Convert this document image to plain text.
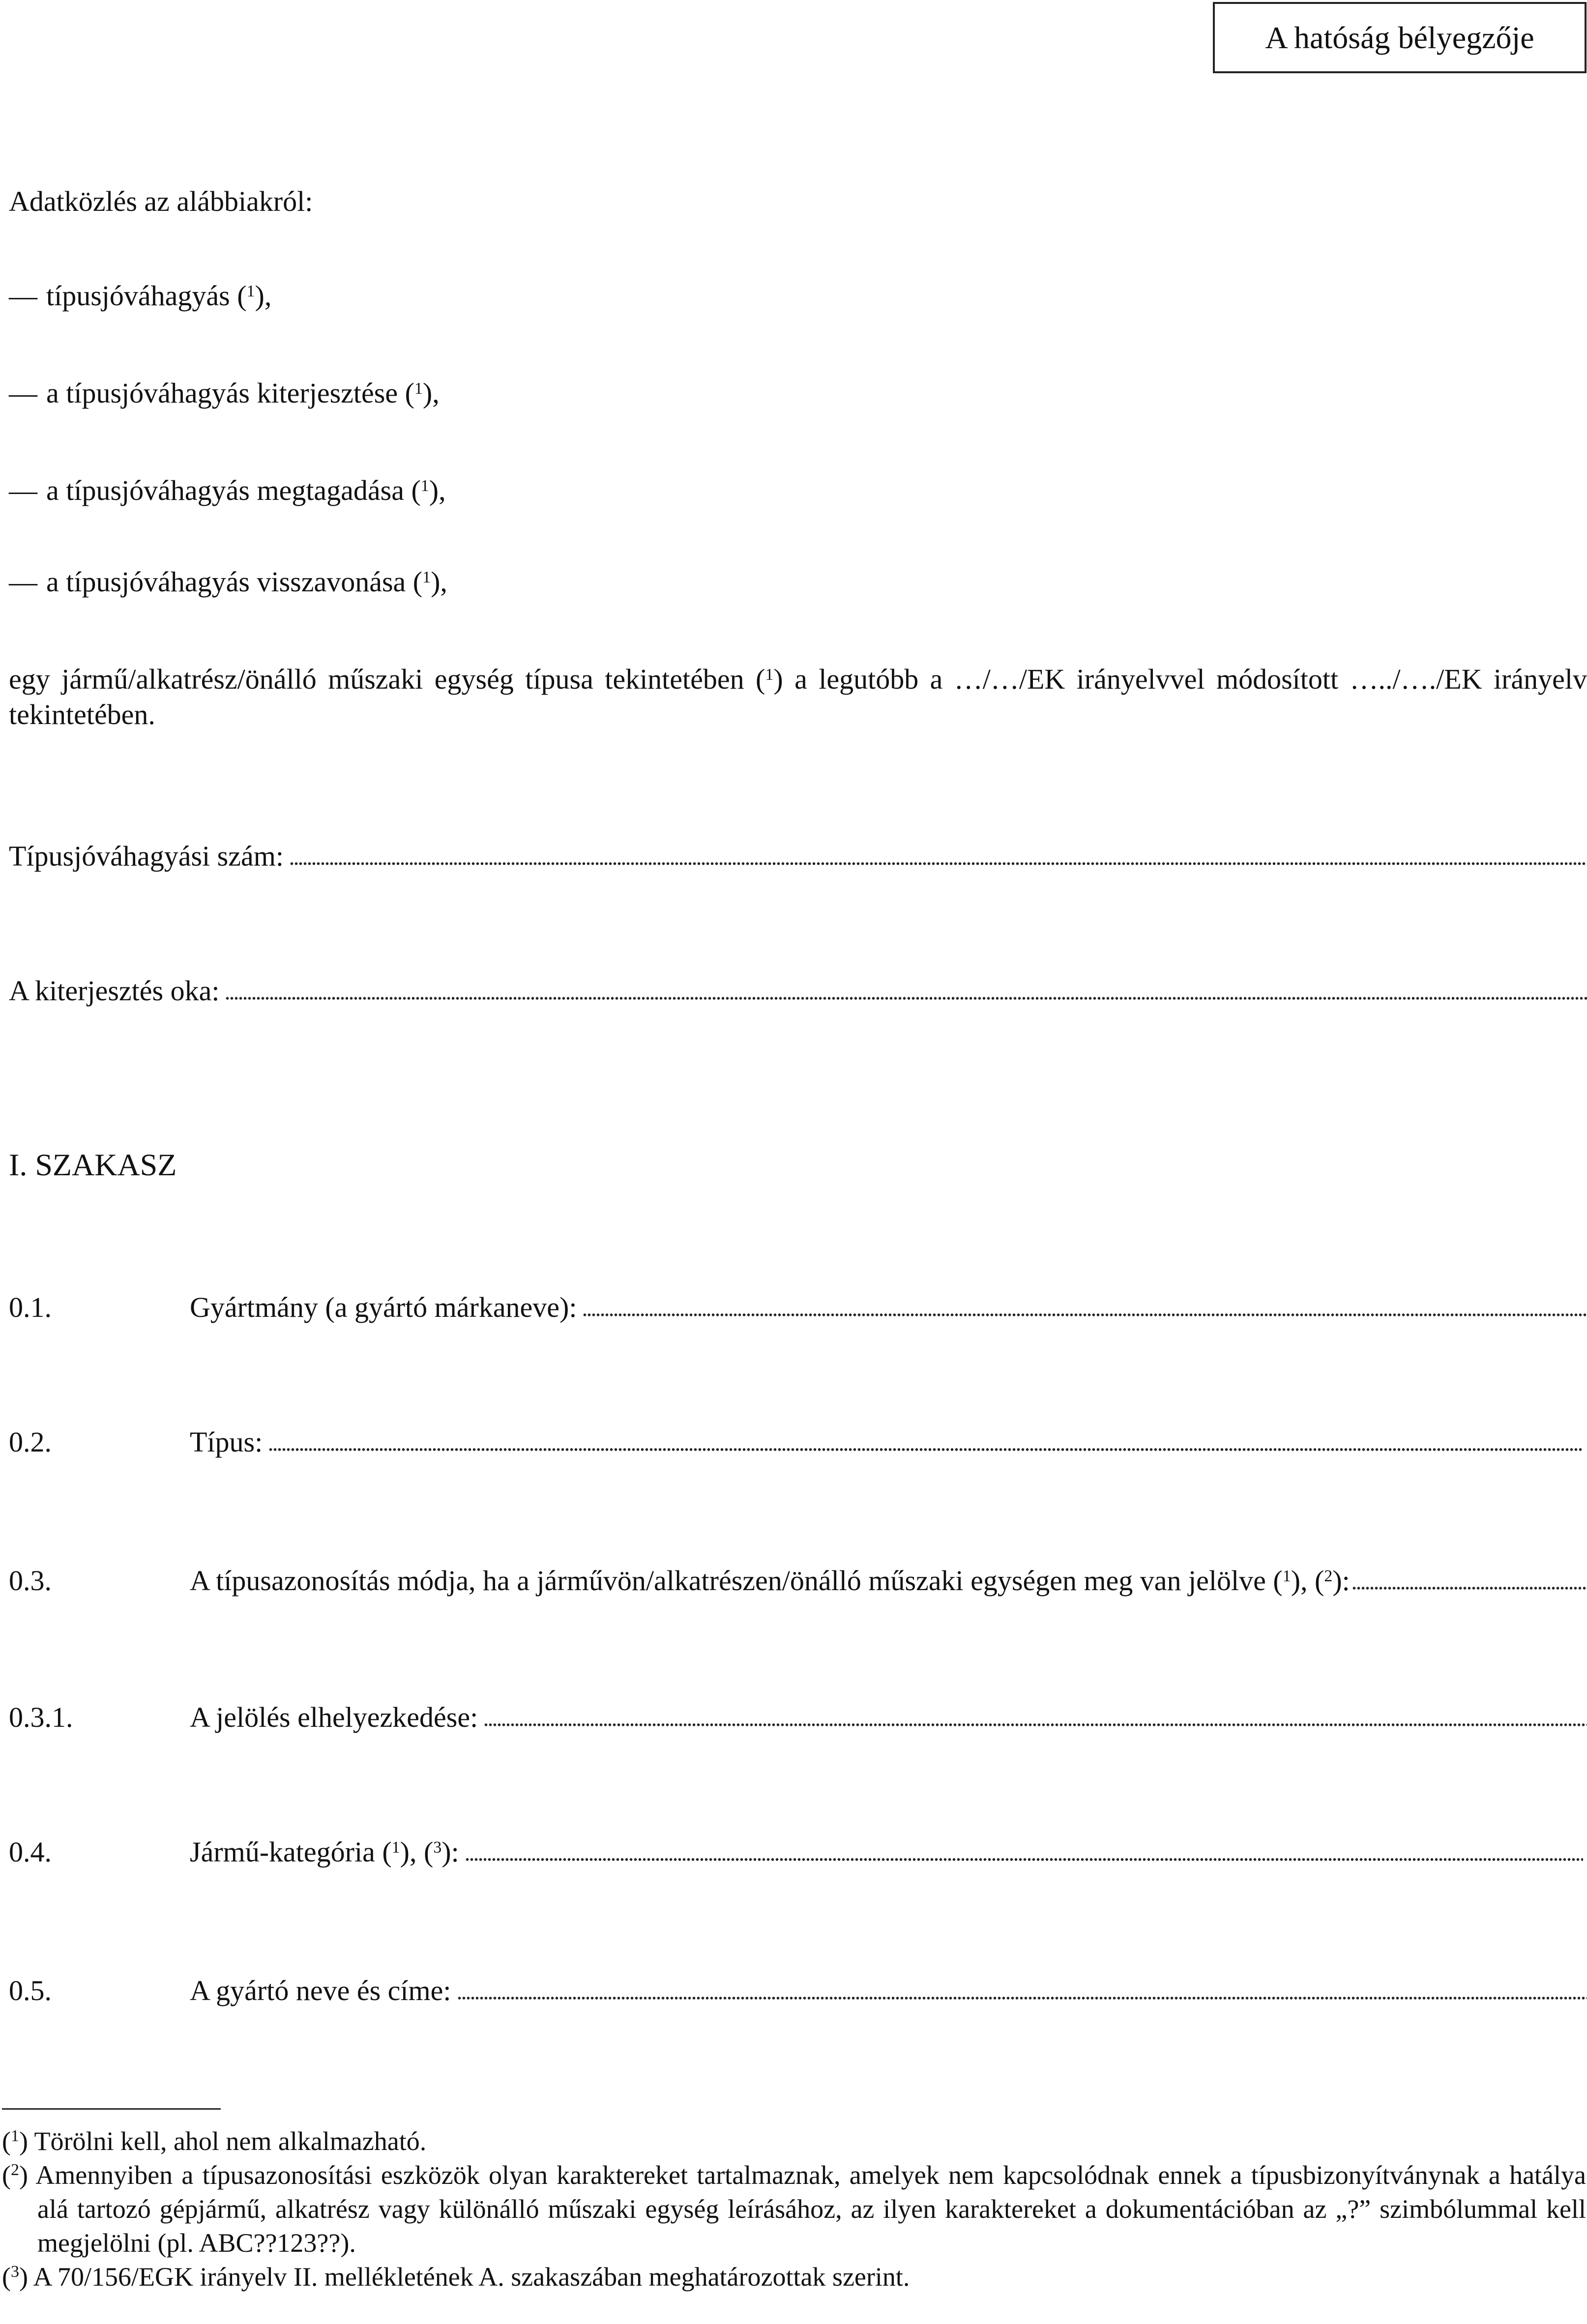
A hatóság bélyegzője
Adatközlés az alábbiakról:
— típusjóváhagyás ($^1$),
— a típusjóváhagyás kiterjesztése ($^1$),
— a típusjóváhagyás megtagadása ($^1$),
— a típusjóváhagyás visszavonása ($^1$),
egy jármű/alkatrész/önálló műszaki egység típusa tekintetében ($^1$) a legutóbb a …/…/EK irányelvvel módosított …../…./EK irányelv tekintetében.
Típusjóváhagyási szám:
A kiterjesztés oka:
I. SZAKASZ
0.1.	Gyártmány (a gyártó márkaneve):
0.2.	Típus:
0.3.	A típusazonosítás módja, ha a járművön/alkatrészen/önálló műszaki egységen meg van jelölve ($^1$), ($^2$):
0.3.1.	A jelölés elhelyezkedése:
0.4.	Jármű-kategória ($^1$), ($^3$):
0.5.	A gyártó neve és címe:
($^1$) Törölni kell, ahol nem alkalmazható.
($^2$) Amennyiben a típusazonosítási eszközök olyan karaktereket tartalmaznak, amelyek nem kapcsolódnak ennek a típusbizonyítványnak a hatálya alá tartozó gépjármű, alkatrész vagy különálló műszaki egység leírásához, az ilyen karaktereket a dokumentációban az „?” szimbólummal kell megjelölni (pl. ABC??123??).
($^3$) A 70/156/EGK irányelv II. mellékletének A. szakaszában meghatározottak szerint.
